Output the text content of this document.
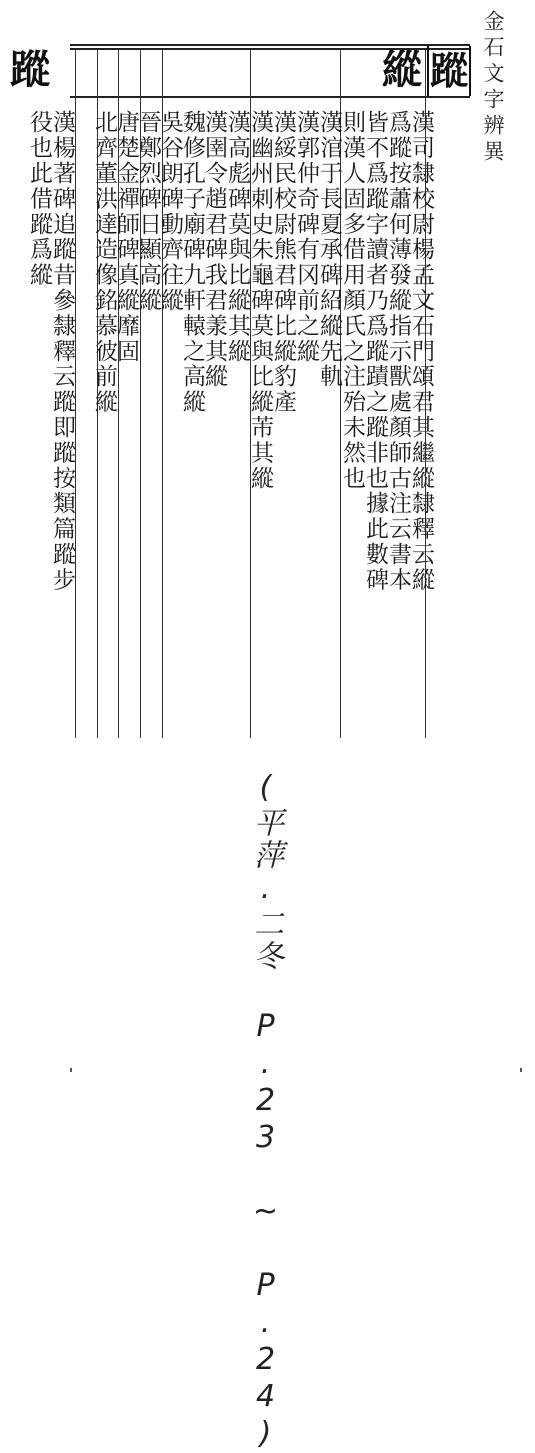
金石文字辨異
蹤
縱
蹤
漢司隸校尉楊孟文石門頌君其繼縱隸釋云縱
爲蹤按蕭何薄發縱指示獸處顏師古注云書本
皆不爲蹤字讀者乃爲蹤蹟之蹤非也據此數碑
則漢人固多借用顏氏之注殆未然也
漢涫于長夏承碑紹縱先軌
漢郭仲奇碑有冈前之縱
漢綏民校尉熊君碑比縱豹產
漢幽州刺史朱龜碑莫與比縱芾其縱
漢高彪碑莫與比縱其縱
漢圉令趙君碑我君羕其縱
魏修孔子廟碑九軒轅之高縱
吳谷朗碑動齊往縱
晉鄭烈碑日顯高縱
唐楚金禪師碑真縱靡固
北齊董洪達造像銘慕彼前縱
漢楊著碑追蹤昔參隸釋云蹤即蹤按類篇蹤步
役也此借蹤爲縱
(平萍.二冬 P.23 ~ P.24)
